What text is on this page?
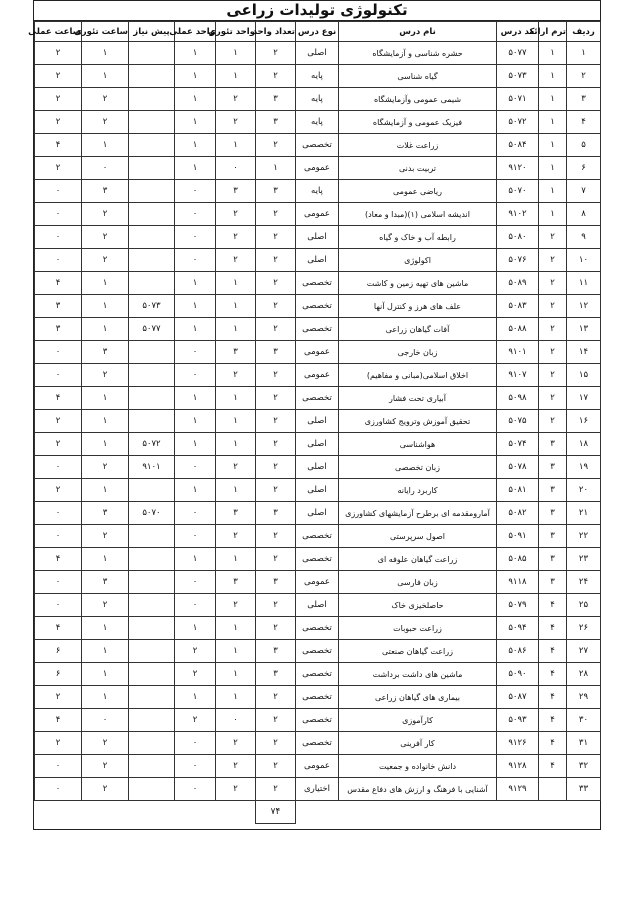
تکنولوژی تولیدات زراعی
ردیف	ترم ارائه	کد درس	نام درس	نوع درس	تعداد واحد	واحد تئوری	واحد عملی	پیش نیاز	ساعت تئوری	ساعت عملی
۱	۱	۵۰۷۷	حشره شناسی و آزمایشگاه	اصلی	۲	۱	۱		۱	۲
۲	۱	۵۰۷۳	گیاه شناسی	پایه	۲	۱	۱		۱	۲
۳	۱	۵۰۷۱	شیمی عمومی وآزمایشگاه	پایه	۳	۲	۱		۲	۲
۴	۱	۵۰۷۲	فیزیک عمومی و آزمایشگاه	پایه	۳	۲	۱		۲	۲
۵	۱	۵۰۸۴	زراعت غلات	تخصصی	۲	۱	۱		۱	۴
۶	۱	۹۱۲۰	تربیت بدنی	عمومی	۱	۰	۱		۰	۲
۷	۱	۵۰۷۰	ریاضی عمومی	پایه	۳	۳	۰		۳	۰
۸	۱	۹۱۰۲	اندیشه اسلامی (۱)(مبدا و معاد)	عمومی	۲	۲	۰		۲	۰
۹	۲	۵۰۸۰	رابطه آب و خاک و گیاه	اصلی	۲	۲	۰		۲	۰
۱۰	۲	۵۰۷۶	اکولوژی	اصلی	۲	۲	۰		۲	۰
۱۱	۲	۵۰۸۹	ماشین های تهیه زمین و کاشت	تخصصی	۲	۱	۱		۱	۴
۱۲	۲	۵۰۸۳	علف های هرز و کنترل آنها	تخصصی	۲	۱	۱	۵۰۷۳	۱	۳
۱۳	۲	۵۰۸۸	آفات گیاهان زراعی	تخصصی	۲	۱	۱	۵۰۷۷	۱	۳
۱۴	۲	۹۱۰۱	زبان خارجی	عمومی	۳	۳	۰		۳	۰
۱۵	۲	۹۱۰۷	اخلاق اسلامی(مبانی و مفاهیم)	عمومی	۲	۲	۰		۲	۰
۱۷	۲	۵۰۹۸	آبیاری تحت فشار	تخصصی	۲	۱	۱		۱	۴
۱۶	۲	۵۰۷۵	تحقیق آموزش وترویج کشاورزی	اصلی	۲	۱	۱		۱	۲
۱۸	۳	۵۰۷۴	هواشناسی	اصلی	۲	۱	۱	۵۰۷۲	۱	۲
۱۹	۳	۵۰۷۸	زبان تخصصی	اصلی	۲	۲	۰	۹۱۰۱	۲	۰
۲۰	۳	۵۰۸۱	کاربرد رایانه	اصلی	۲	۱	۱		۱	۲
۲۱	۳	۵۰۸۲	آمارومقدمه ای برطرح آزمایشهای کشاورزی	اصلی	۳	۳	۰	۵۰۷۰	۳	۰
۲۲	۳	۵۰۹۱	اصول سرپرستی	تخصصی	۲	۲	۰		۲	۰
۲۳	۳	۵۰۸۵	زراعت گیاهان علوفه ای	تخصصی	۲	۱	۱		۱	۴
۲۴	۳	۹۱۱۸	زبان فارسی	عمومی	۳	۳	۰		۳	۰
۲۵	۴	۵۰۷۹	حاصلخیزی خاک	اصلی	۲	۲	۰		۲	۰
۲۶	۴	۵۰۹۴	زراعت حبوبات	تخصصی	۲	۱	۱		۱	۴
۲۷	۴	۵۰۸۶	زراعت گیاهان صنعتی	تخصصی	۳	۱	۲		۱	۶
۲۸	۴	۵۰۹۰	ماشین های داشت برداشت	تخصصی	۳	۱	۲		۱	۶
۲۹	۴	۵۰۸۷	بیماری های گیاهان زراعی	تخصصی	۲	۱	۱		۱	۲
۳۰	۴	۵۰۹۳	کارآموزی	تخصصی	۲	۰	۲		۰	۴
۳۱	۴	۹۱۲۶	کار آفرینی	تخصصی	۲	۲	۰		۲	۲
۳۲	۴	۹۱۲۸	دانش خانواده و جمعیت	عمومی	۲	۲	۰		۲	۰
۳۳		۹۱۲۹	آشنایی با فرهنگ و ارزش های دفاع مقدس	اختیاری	۲	۲	۰		۲	۰
					۷۴					
